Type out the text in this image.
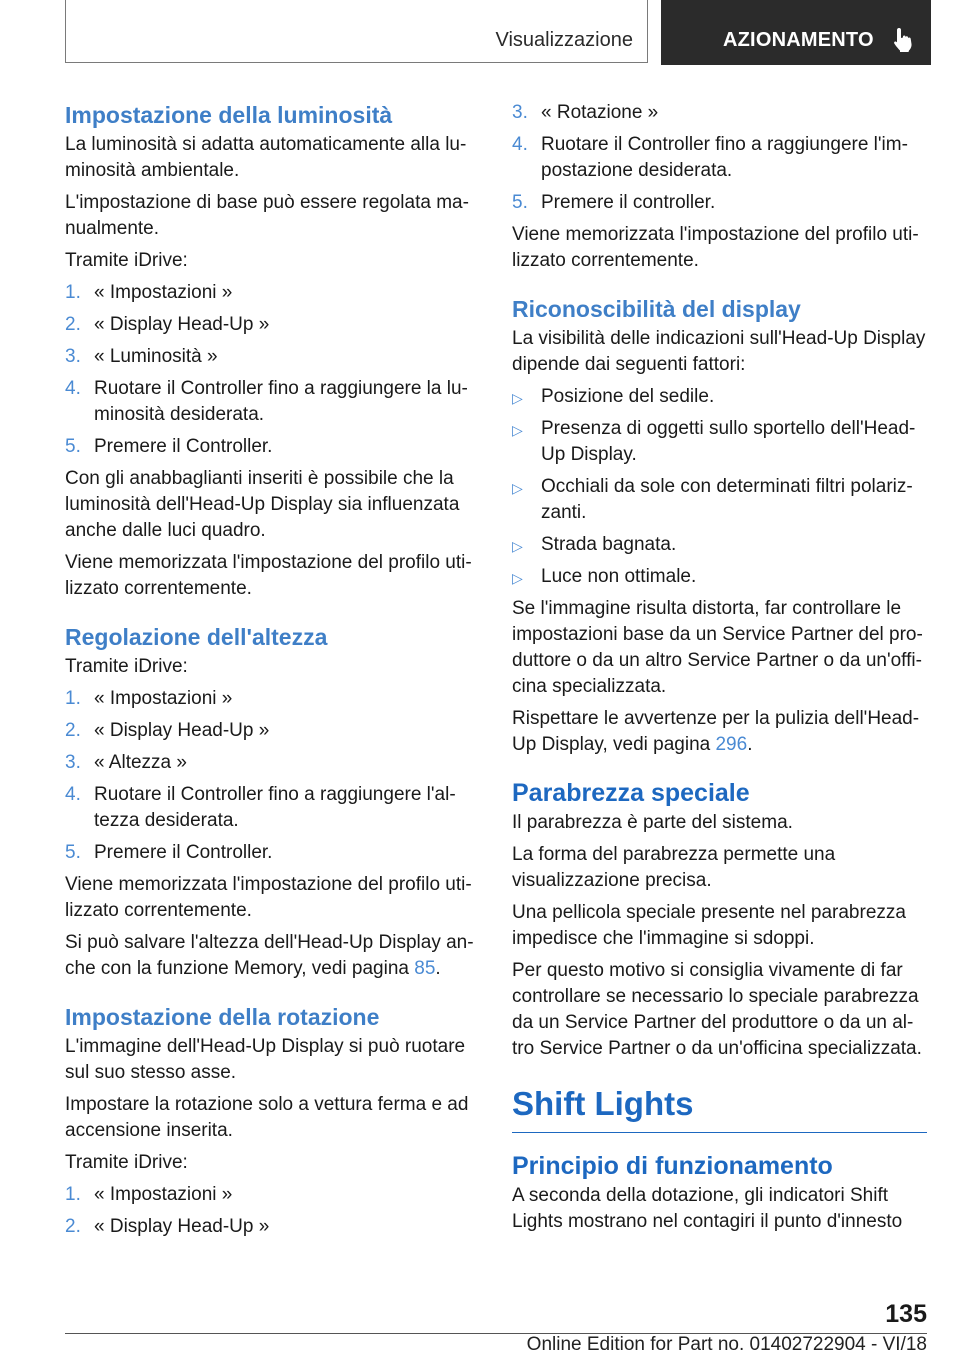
Visualizzazione	AZIONAMENTO
Impostazione della luminosità

La luminosità si adatta automaticamente alla luminosità ambientale.

L'impostazione di base può essere regolata manualmente.

Tramite iDrive:

1. « Impostazioni »
2. « Display Head-Up »
3. « Luminosità »
4. Ruotare il Controller fino a raggiungere la luminosità desiderata.
5. Premere il Controller.

Con gli anabbaglianti inseriti è possibile che la luminosità dell'Head-Up Display sia influenzata anche dalle luci quadro.

Viene memorizzata l'impostazione del profilo utilizzato correntemente.

Regolazione dell'altezza

Tramite iDrive:

1. « Impostazioni »
2. « Display Head-Up »
3. « Altezza »
4. Ruotare il Controller fino a raggiungere l'altezza desiderata.
5. Premere il Controller.

Viene memorizzata l'impostazione del profilo utilizzato correntemente.

Si può salvare l'altezza dell'Head-Up Display anche con la funzione Memory, vedi pagina 85.

Impostazione della rotazione

L'immagine dell'Head-Up Display si può ruotare sul suo stesso asse.

Impostare la rotazione solo a vettura ferma e ad accensione inserita.

Tramite iDrive:

1. « Impostazioni »
2. « Display Head-Up »
3. « Rotazione »
4. Ruotare il Controller fino a raggiungere l'impostazione desiderata.
5. Premere il controller.

Viene memorizzata l'impostazione del profilo utilizzato correntemente.

Riconoscibilità del display

La visibilità delle indicazioni sull'Head-Up Display dipende dai seguenti fattori:

▷ Posizione del sedile.
▷ Presenza di oggetti sullo sportello dell'Head-Up Display.
▷ Occhiali da sole con determinati filtri polarizzanti.
▷ Strada bagnata.
▷ Luce non ottimale.

Se l'immagine risulta distorta, far controllare le impostazioni base da un Service Partner del produttore o da un altro Service Partner o da un'officina specializzata.

Rispettare le avvertenze per la pulizia dell'Head-Up Display, vedi pagina 296.

Parabrezza speciale

Il parabrezza è parte del sistema.

La forma del parabrezza permette una visualizzazione precisa.

Una pellicola speciale presente nel parabrezza impedisce che l'immagine si sdoppi.

Per questo motivo si consiglia vivamente di far controllare se necessario lo speciale parabrezza da un Service Partner del produttore o da un altro Service Partner o da un'officina specializzata.

Shift Lights
Principio di funzionamento

A seconda della dotazione, gli indicatori Shift Lights mostrano nel contagiri il punto d'innesto

135
Online Edition for Part no. 01402722904 - VI/18
